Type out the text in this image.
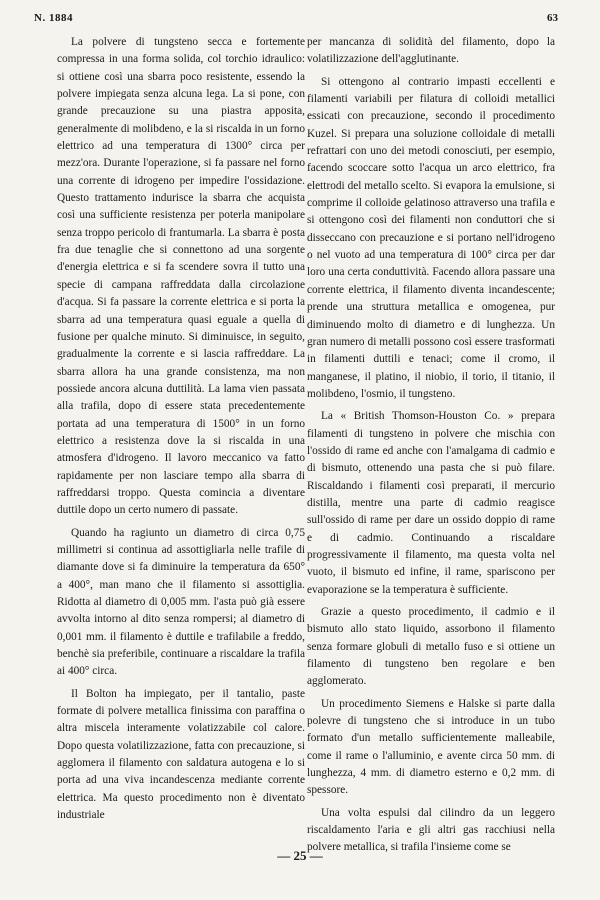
N. 1884	63

La polvere di tungsteno secca e fortemente compressa in una forma solida, col torchio idraulico: si ottiene così una sbarra poco resistente, essendo la polvere impiegata senza alcuna lega. La si pone, con grande precauzione su una piastra apposita, generalmente di molibdeno, e la si riscalda in un forno elettrico ad una temperatura di 1300° circa per mezz'ora. Durante l'operazione, si fa passare nel forno una corrente di idrogeno per impedire l'ossidazione. Questo trattamento indurisce la sbarra che acquista così una sufficiente resistenza per poterla manipolare senza troppo pericolo di frantumarla. La sbarra è posta fra due tenaglie che si connettono ad una sorgente d'energia elettrica e si fa scendere sovra il tutto una specie di campana raffreddata dalla circolazione d'acqua. Si fa passare la corrente elettrica e si porta la sbarra ad una temperatura quasi eguale a quella di fusione per qualche minuto. Si diminuisce, in seguito, gradualmente la corrente e si lascia raffreddare. La sbarra allora ha una grande consistenza, ma non possiede ancora alcuna duttilità. La lama vien passata alla trafila, dopo di essere stata precedentemente portata ad una temperatura di 1500° in un forno elettrico a resistenza dove la si riscalda in una atmosfera d'idrogeno. Il lavoro meccanico va fatto rapidamente per non lasciare tempo alla sbarra di raffreddarsi troppo. Questa comincia a diventare duttile dopo un certo numero di passate.

Quando ha ragiunto un diametro di circa 0,75 millimetri si continua ad assottigliarla nelle trafile di diamante dove si fa diminuire la temperatura da 650° a 400°, man mano che il filamento si assottiglia. Ridotta al diametro di 0,005 mm. l'asta può già essere avvolta intorno al dito senza rompersi; al diametro di 0,001 mm. il filamento è duttile e trafilabile a freddo, benchè sia preferibile, continuare a riscaldare la trafila ai 400° circa.

Il Bolton ha impiegato, per il tantalio, paste formate di polvere metallica finissima con paraffina o altra miscela interamente volatizzabile col calore. Dopo questa volatilizzazione, fatta con precauzione, si agglomera il filamento con saldatura autogena e lo si porta ad una viva incandescenza mediante corrente elettrica. Ma questo procedimento non è diventato industriale

per mancanza di solidità del filamento, dopo la volatilizzazione dell'agglutinante.

Si ottengono al contrario impasti eccellenti e filamenti variabili per filatura di colloidi metallici essicati con precauzione, secondo il procedimento Kuzel. Si prepara una soluzione colloidale di metalli refrattari con uno dei metodi conosciuti, per esempio, facendo scoccare sotto l'acqua un arco elettrico, fra elettrodi del metallo scelto. Si evapora la emulsione, si comprime il colloide gelatinoso attraverso una trafila e si ottengono così dei filamenti non conduttori che si disseccano con precauzione e si portano nell'idrogeno o nel vuoto ad una temperatura di 100° circa per dar loro una certa conduttività. Facendo allora passare una corrente elettrica, il filamento diventa incandescente; prende una struttura metallica e omogenea, pur diminuendo molto di diametro e di lunghezza. Un gran numero di metalli possono così essere trasformati in filamenti duttili e tenaci; come il cromo, il manganese, il platino, il niobio, il torio, il titanio, il molibdeno, l'osmio, il tungsteno.

La « British Thomson-Houston Co. » prepara filamenti di tungsteno in polvere che mischia con l'ossido di rame ed anche con l'amalgama di cadmio e di bismuto, ottenendo una pasta che si può filare. Riscaldando i filamenti così preparati, il mercurio distilla, mentre una parte di cadmio reagisce sull'ossido di rame per dare un ossido doppio di rame e di cadmio. Continuando a riscaldare progressivamente il filamento, ma questa volta nel vuoto, il bismuto ed infine, il rame, spariscono per evaporazione se la temperatura è sufficiente.

Grazie a questo procedimento, il cadmio e il bismuto allo stato liquido, assorbono il filamento senza formare globuli di metallo fuso e si ottiene un filamento di tungsteno ben regolare e ben agglomerato.

Un procedimento Siemens e Halske si parte dalla polevre di tungsteno che si introduce in un tubo formato d'un metallo sufficientemente malleabile, come il rame o l'alluminio, e avente circa 50 mm. di lunghezza, 4 mm. di diametro esterno e 0,2 mm. di spessore.

Una volta espulsi dal cilindro da un leggero riscaldamento l'aria e gli altri gas racchiusi nella polvere metallica, si trafila l'insieme come se

— 25 —
